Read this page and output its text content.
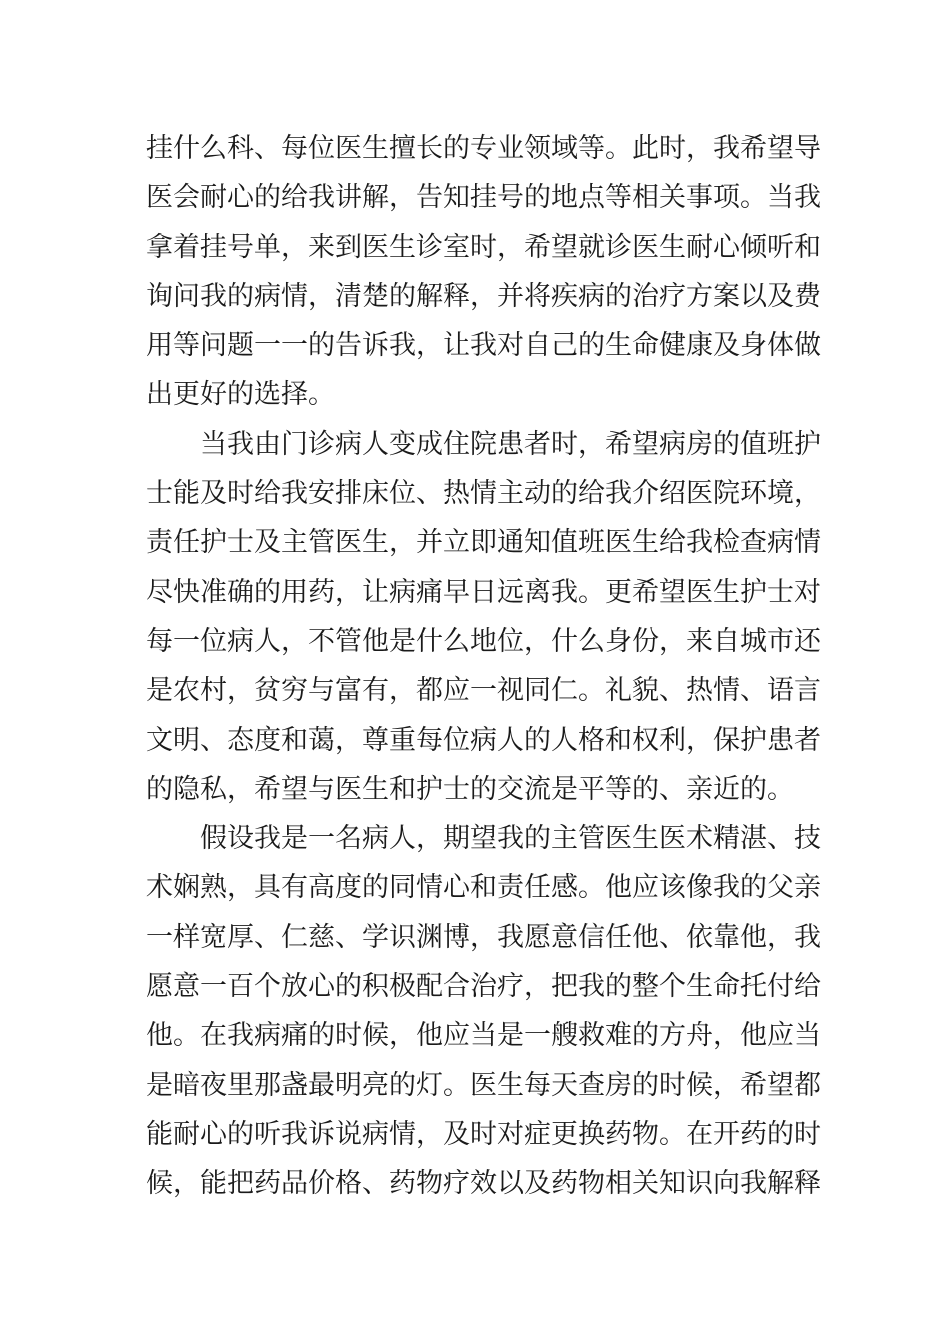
挂什么科、每位医生擅长的专业领域等。此时，我希望导
医会耐心的给我讲解，告知挂号的地点等相关事项。当我
拿着挂号单，来到医生诊室时，希望就诊医生耐心倾听和
询问我的病情，清楚的解释，并将疾病的治疗方案以及费
用等问题一一的告诉我，让我对自己的生命健康及身体做
出更好的选择。
当我由门诊病人变成住院患者时，希望病房的值班护
士能及时给我安排床位、热情主动的给我介绍医院环境，
责任护士及主管医生，并立即通知值班医生给我检查病情
尽快准确的用药，让病痛早日远离我。更希望医生护士对
每一位病人，不管他是什么地位，什么身份，来自城市还
是农村，贫穷与富有，都应一视同仁。礼貌、热情、语言
文明、态度和蔼，尊重每位病人的人格和权利，保护患者
的隐私，希望与医生和护士的交流是平等的、亲近的。
假设我是一名病人，期望我的主管医生医术精湛、技
术娴熟，具有高度的同情心和责任感。他应该像我的父亲
一样宽厚、仁慈、学识渊博，我愿意信任他、依靠他，我
愿意一百个放心的积极配合治疗，把我的整个生命托付给
他。在我病痛的时候，他应当是一艘救难的方舟，他应当
是暗夜里那盏最明亮的灯。医生每天查房的时候，希望都
能耐心的听我诉说病情，及时对症更换药物。在开药的时
候，能把药品价格、药物疗效以及药物相关知识向我解释
